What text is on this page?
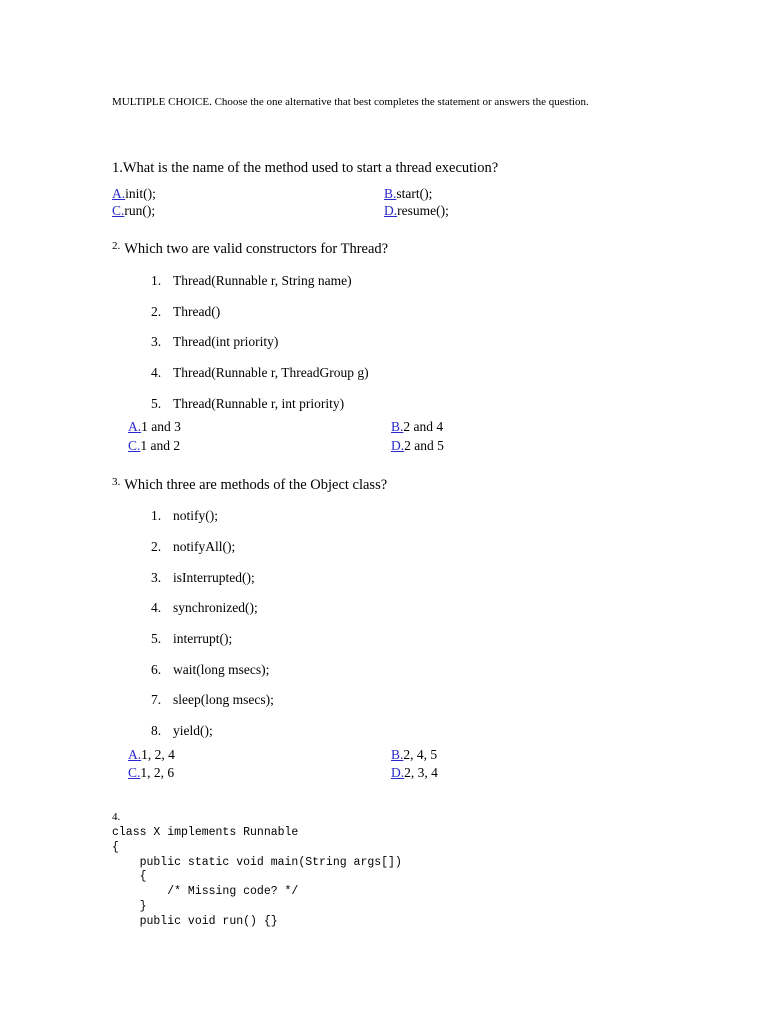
MULTIPLE CHOICE. Choose the one alternative that best completes the statement or answers the question.
1.What is the name of the method used to start a thread execution?
A.init();	B.start();
C.run();	D.resume();
$^{2.}$ Which two are valid constructors for Thread?
1. Thread(Runnable r, String name)
2. Thread()
3. Thread(int priority)
4. Thread(Runnable r, ThreadGroup g)
5. Thread(Runnable r, int priority)
A.1 and 3	B.2 and 4
C.1 and 2	D.2 and 5
$^{3.}$ Which three are methods of the Object class?
1. notify();
2. notifyAll();
3. isInterrupted();
4. synchronized();
5. interrupt();
6. wait(long msecs);
7. sleep(long msecs);
8. yield();
A.1, 2, 4	B.2, 4, 5
C.1, 2, 6	D.2, 3, 4
4.
class X implements Runnable
{
public static void main(String args[])
{
/* Missing code? */
}
public void run() {}
